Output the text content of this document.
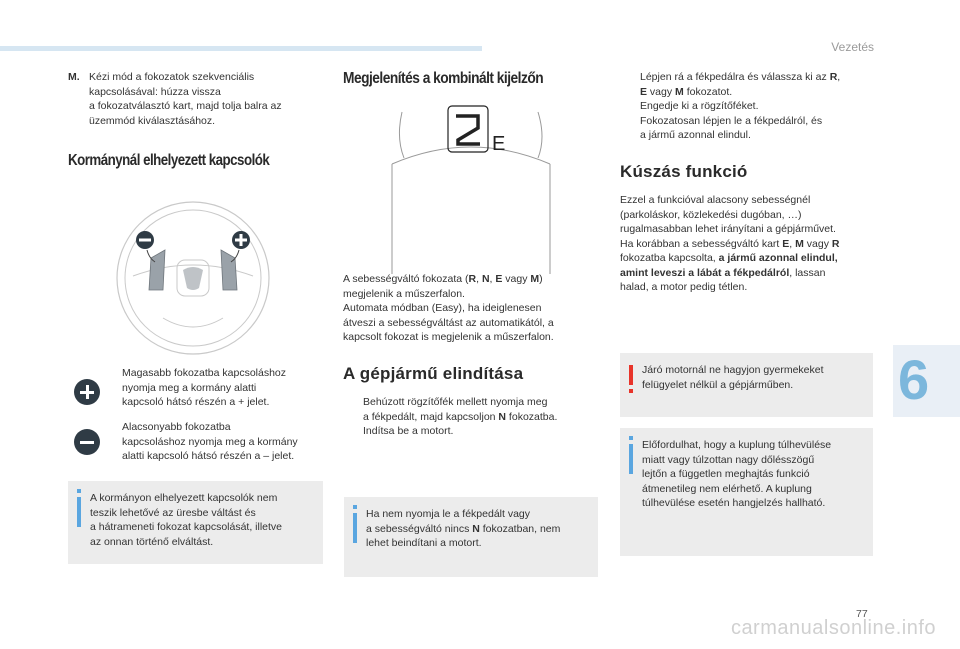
Vezetés
M. Kézi mód a fokozatok szekvenciális
kapcsolásával: húzza vissza
a fokozatválasztó kart, majd tolja balra az
üzemmód kiválasztásához.
Kormánynál elhelyezett kapcsolók
Magasabb fokozatba kapcsoláshoz
nyomja meg a kormány alatti
kapcsoló hátsó részén a + jelet.
Alacsonyabb fokozatba
kapcsoláshoz nyomja meg a kormány
alatti kapcsoló hátsó részén a – jelet.
A kormányon elhelyezett kapcsolók nem
teszik lehetővé az üresbe váltást és
a hátrameneti fokozat kapcsolását, illetve
az onnan történő elváltást.
Megjelenítés a kombinált kijelzőn
E
A sebességváltó fokozata (R, N, E vagy M)
megjelenik a műszerfalon.
Automata módban (Easy), ha ideiglenesen
átveszi a sebességváltást az automatikától, a
kapcsolt fokozat is megjelenik a műszerfalon.
A gépjármű elindítása
Behúzott rögzítőfék mellett nyomja meg
a fékpedált, majd kapcsoljon N fokozatba.
Indítsa be a motort.
Ha nem nyomja le a fékpedált vagy
a sebességváltó nincs N fokozatban, nem
lehet beindítani a motort.
Lépjen rá a fékpedálra és válassza ki az R,
E vagy M fokozatot.
Engedje ki a rögzítőféket.
Fokozatosan lépjen le a fékpedálról, és
a jármű azonnal elindul.
Kúszás funkció
Ezzel a funkcióval alacsony sebességnél
(parkoláskor, közlekedési dugóban, …)
rugalmasabban lehet irányítani a gépjárművet.
Ha korábban a sebességváltó kart E, M vagy R
fokozatba kapcsolta, a jármű azonnal elindul,
amint leveszi a lábát a fékpedálról, lassan
halad, a motor pedig tétlen.
Járó motornál ne hagyjon gyermekeket
felügyelet nélkül a gépjárműben.
Előfordulhat, hogy a kuplung túlhevülése
miatt vagy túlzottan nagy dőlésszögű
lejtőn a független meghajtás funkció
átmenetileg nem elérhető. A kuplung
túlhevülése esetén hangjelzés hallható.
6
77
carmanualsonline.info
